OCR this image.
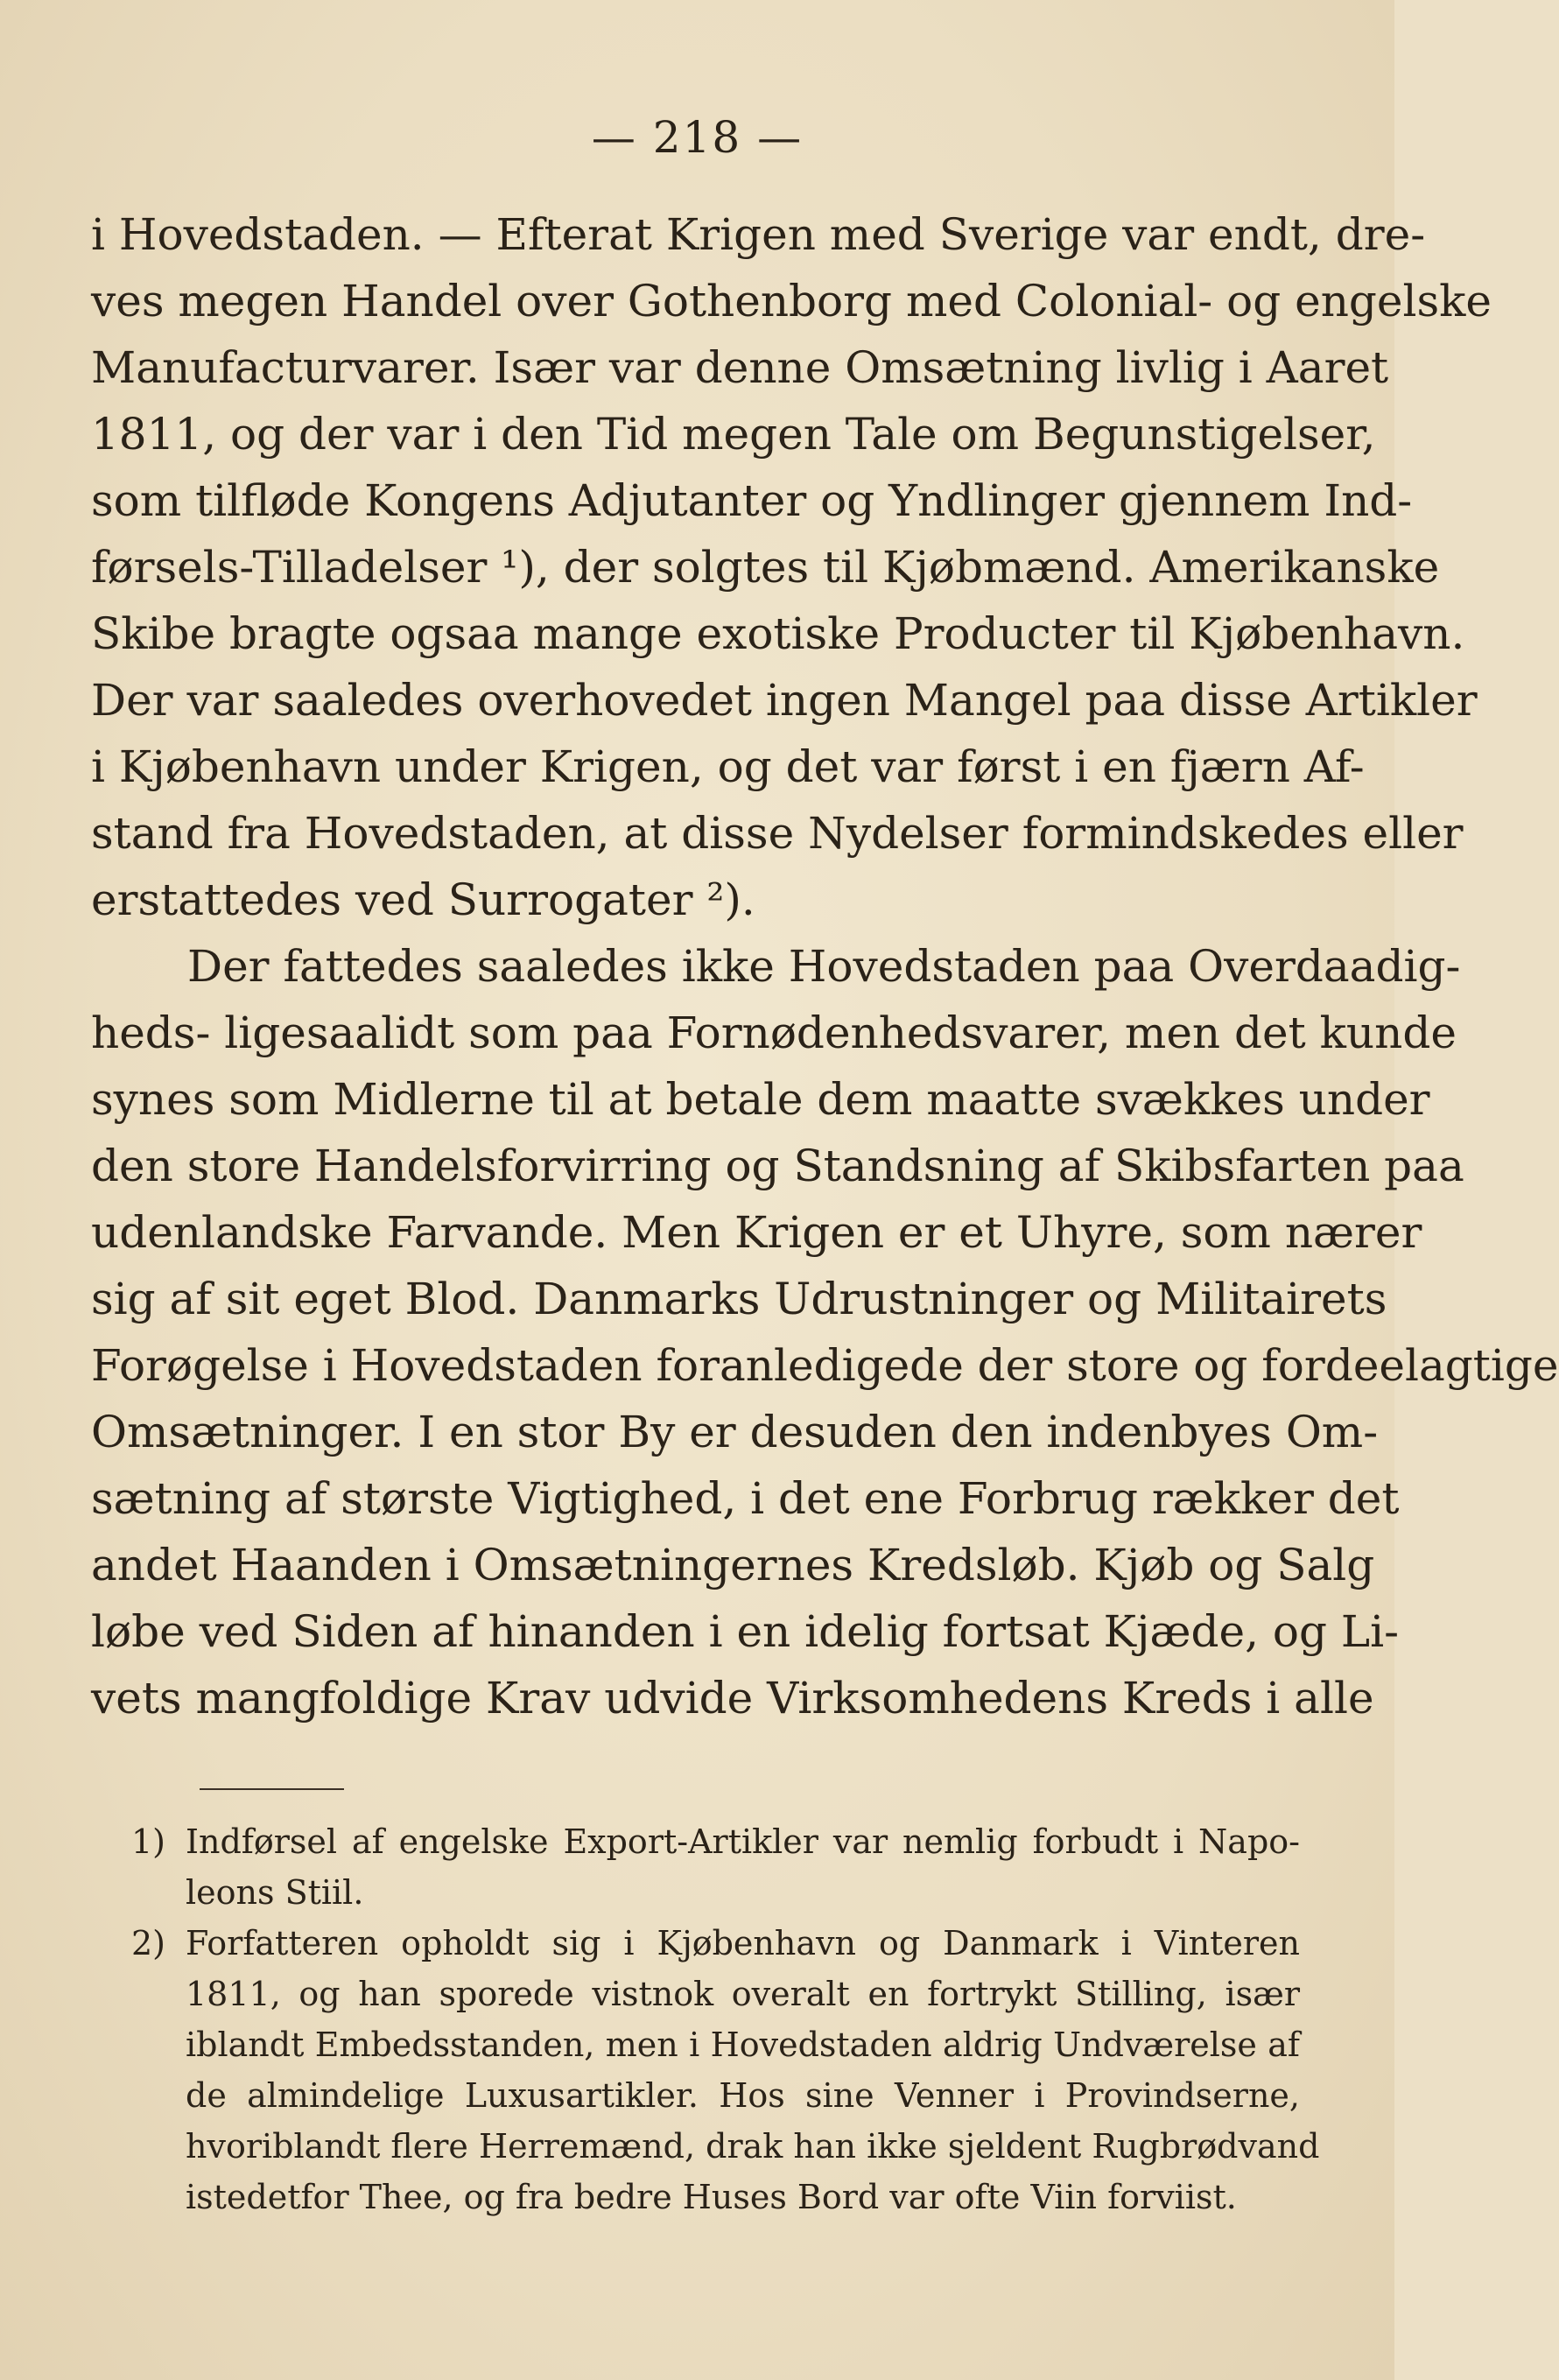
— 218 —
i Hovedstaden. — Efterat Krigen med Sverige var endt, dre-
ves megen Handel over Gothenborg med Colonial- og engelske
Manufacturvarer. Især var denne Omsætning livlig i Aaret
1811, og der var i den Tid megen Tale om Begunstigelser,
som tilfløde Kongens Adjutanter og Yndlinger gjennem Ind-
førsels-Tilladelser ¹), der solgtes til Kjøbmænd. Amerikanske
Skibe bragte ogsaa mange exotiske Producter til Kjøbenhavn.
Der var saaledes overhovedet ingen Mangel paa disse Artikler
i Kjøbenhavn under Krigen, og det var først i en fjærn Af-
stand fra Hovedstaden, at disse Nydelser formindskedes eller
erstattedes ved Surrogater ²).
Der fattedes saaledes ikke Hovedstaden paa Overdaadig-
heds- ligesaalidt som paa Fornødenhedsvarer, men det kunde
synes som Midlerne til at betale dem maatte svækkes under
den store Handelsforvirring og Standsning af Skibsfarten paa
udenlandske Farvande. Men Krigen er et Uhyre, som nærer
sig af sit eget Blod. Danmarks Udrustninger og Militairets
Forøgelse i Hovedstaden foranledigede der store og fordeelagtige
Omsætninger. I en stor By er desuden den indenbyes Om-
sætning af største Vigtighed, i det ene Forbrug rækker det
andet Haanden i Omsætningernes Kredsløb. Kjøb og Salg
løbe ved Siden af hinanden i en idelig fortsat Kjæde, og Li-
vets mangfoldige Krav udvide Virksomhedens Kreds i alle
1) Indførsel af engelske Export-Artikler var nemlig forbudt i Napo-
leons Stiil.
2) Forfatteren opholdt sig i Kjøbenhavn og Danmark i Vinteren
1811, og han sporede vistnok overalt en fortrykt Stilling, især
iblandt Embedsstanden, men i Hovedstaden aldrig Undværelse af
de almindelige Luxusartikler. Hos sine Venner i Provindserne,
hvoriblandt flere Herremænd, drak han ikke sjeldent Rugbrødvand
istedetfor Thee, og fra bedre Huses Bord var ofte Viin forviist.
